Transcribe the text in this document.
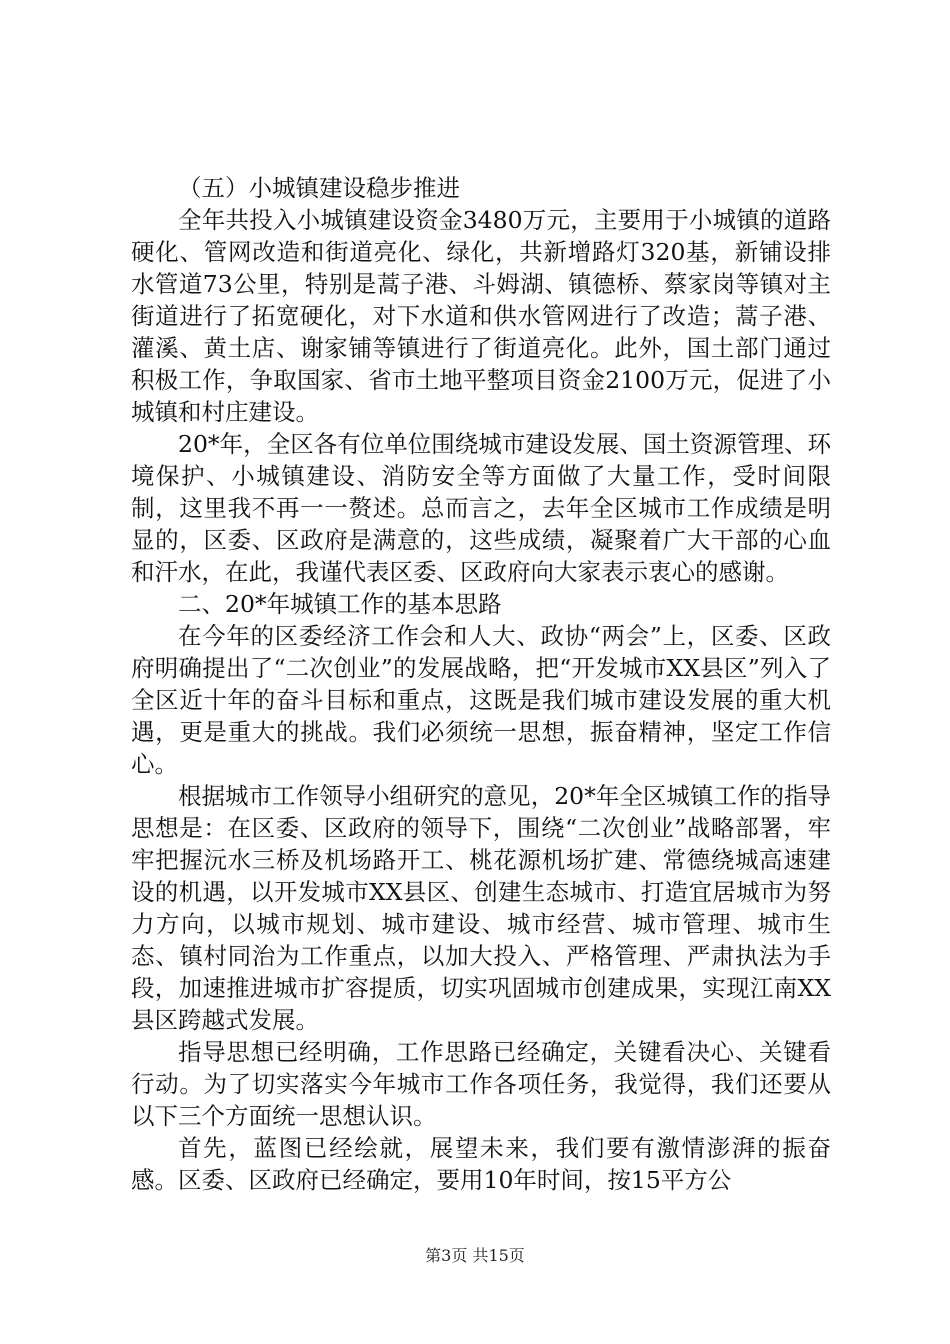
（五）小城镇建设稳步推进

全年共投入小城镇建设资金3480万元，主要用于小城镇的道路硬化、管网改造和街道亮化、绿化，共新增路灯320基，新铺设排水管道73公里，特别是蒿子港、斗姆湖、镇德桥、蔡家岗等镇对主街道进行了拓宽硬化，对下水道和供水管网进行了改造；蒿子港、灌溪、黄土店、谢家铺等镇进行了街道亮化。此外，国土部门通过积极工作，争取国家、省市土地平整项目资金2100万元，促进了小城镇和村庄建设。

20*年，全区各有位单位围绕城市建设发展、国土资源管理、环境保护、小城镇建设、消防安全等方面做了大量工作，受时间限制，这里我不再一一赘述。总而言之，去年全区城市工作成绩是明显的，区委、区政府是满意的，这些成绩，凝聚着广大干部的心血和汗水，在此，我谨代表区委、区政府向大家表示衷心的感谢。

二、20*年城镇工作的基本思路

在今年的区委经济工作会和人大、政协“两会”上，区委、区政府明确提出了“二次创业”的发展战略，把“开发城市XX县区”列入了全区近十年的奋斗目标和重点，这既是我们城市建设发展的重大机遇，更是重大的挑战。我们必须统一思想，振奋精神，坚定工作信心。

根据城市工作领导小组研究的意见，20*年全区城镇工作的指导思想是：在区委、区政府的领导下，围绕“二次创业”战略部署，牢牢把握沅水三桥及机场路开工、桃花源机场扩建、常德绕城高速建设的机遇，以开发城市XX县区、创建生态城市、打造宜居城市为努力方向，以城市规划、城市建设、城市经营、城市管理、城市生态、镇村同治为工作重点，以加大投入、严格管理、严肃执法为手段，加速推进城市扩容提质，切实巩固城市创建成果，实现江南XX县区跨越式发展。

指导思想已经明确，工作思路已经确定，关键看决心、关键看行动。为了切实落实今年城市工作各项任务，我觉得，我们还要从以下三个方面统一思想认识。

首先，蓝图已经绘就，展望未来，我们要有激情澎湃的振奋感。区委、区政府已经确定，要用10年时间，按15平方公

第3页 共15页
